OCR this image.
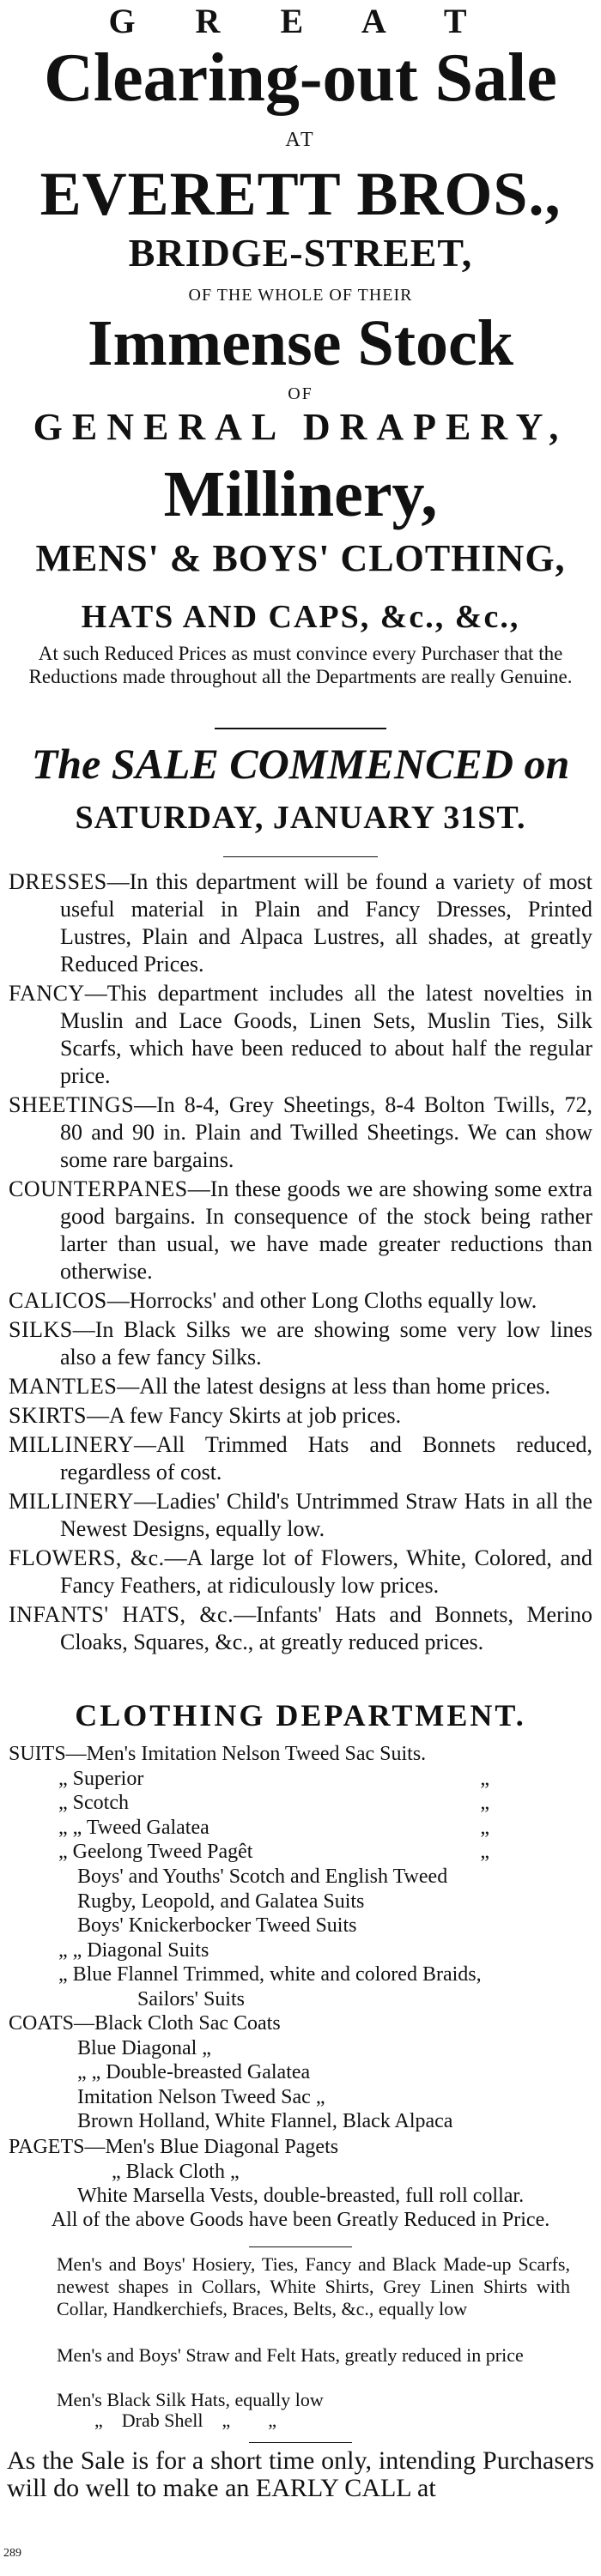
G R E A T
Clearing-out Sale
AT
EVERETT BROS.,
BRIDGE-STREET,
OF THE WHOLE OF THEIR
Immense Stock
OF
GENERAL DRAPERY,
Millinery,
MENS' & BOYS' CLOTHING,
HATS AND CAPS, &c., &c.,
At such Reduced Prices as must convince every Purchaser that the Reductions made throughout all the Departments are really Genuine.
The SALE COMMENCED on
SATURDAY, JANUARY 31ST.
DRESSES—In this department will be found a variety of most useful material in Plain and Fancy Dresses, Printed Lustres, Plain and Alpaca Lustres, all shades, at greatly Reduced Prices.
FANCY—This department includes all the latest novelties in Muslin and Lace Goods, Linen Sets, Muslin Ties, Silk Scarfs, which have been reduced to about half the regular price.
SHEETINGS—In 8-4, Grey Sheetings, 8-4 Bolton Twills, 72, 80 and 90 in. Plain and Twilled Sheetings. We can show some rare bargains.
COUNTERPANES—In these goods we are showing some extra good bargains. In consequence of the stock being rather larter than usual, we have made greater reductions than otherwise.
CALICOS—Horrocks' and other Long Cloths equally low.
SILKS—In Black Silks we are showing some very low lines also a few fancy Silks.
MANTLES—All the latest designs at less than home prices.
SKIRTS—A few Fancy Skirts at job prices.
MILLINERY—All Trimmed Hats and Bonnets reduced, regardless of cost.
MILLINERY—Ladies' Child's Untrimmed Straw Hats in all the Newest Designs, equally low.
FLOWERS, &c.—A large lot of Flowers, White, Colored, and Fancy Feathers, at ridiculously low prices.
INFANTS' HATS, &c.—Infants' Hats and Bonnets, Merino Cloaks, Squares, &c., at greatly reduced prices.
CLOTHING DEPARTMENT.
SUITS—Men's Imitation Nelson Tweed Sac Suits.
„ Superior	„
„ Scotch	„
„ „ Tweed Galatea	„
„ Geelong Tweed Pagêt	„
Boys' and Youths' Scotch and English Tweed
Rugby, Leopold, and Galatea Suits
Boys' Knickerbocker Tweed Suits
„ „ Diagonal Suits
„ Blue Flannel Trimmed, white and colored Braids,
Sailors' Suits
COATS—Black Cloth Sac Coats
Blue Diagonal „
„ „ Double-breasted Galatea
Imitation Nelson Tweed Sac „
Brown Holland, White Flannel, Black Alpaca
PAGETS—Men's Blue Diagonal Pagets
„ Black Cloth „
White Marsella Vests, double-breasted, full roll collar.
All of the above Goods have been Greatly Reduced in Price.
Men's and Boys' Hosiery, Ties, Fancy and Black Made-up Scarfs, newest shapes in Collars, White Shirts, Grey Linen Shirts with Collar, Handkerchiefs, Braces, Belts, &c., equally low
Men's and Boys' Straw and Felt Hats, greatly reduced in price
Men's Black Silk Hats, equally low
„    Drab Shell    „        „
As the Sale is for a short time only, intending Purchasers will do well to make an EARLY CALL at
289
